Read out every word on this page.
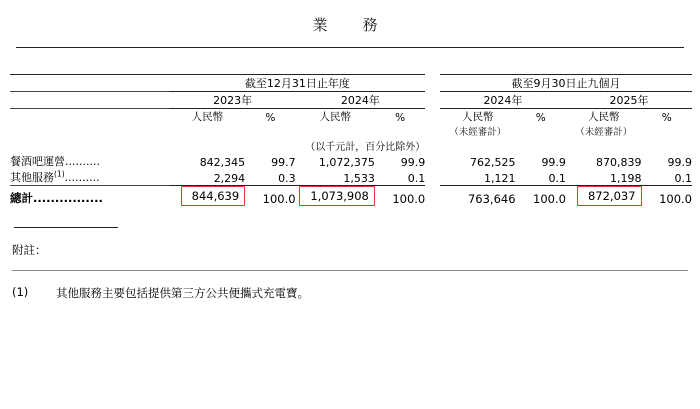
業　務

	截至12月31日止年度					截至9月30日止九個月			

	2023年		2024年			2024年		2025年	

	人民幣	%	人民幣	%		人民幣	%	人民幣	%
						（未經審計）		（未經審計）	
	（以千元計，百分比除外）								
餐酒吧運營..........	842,345	99.7	1,072,375	99.9		762,525	99.9	870,839	99.9
其他服務$^{(1)}$..........	2,294	0.3	1,533	0.1		1,121	0.1	1,198	0.1

總計................	844,639	100.0	1,073,908	100.0		763,646	100.0	872,037	100.0

附註：
(1)	其他服務主要包括提供第三方公共便攜式充電寶。
